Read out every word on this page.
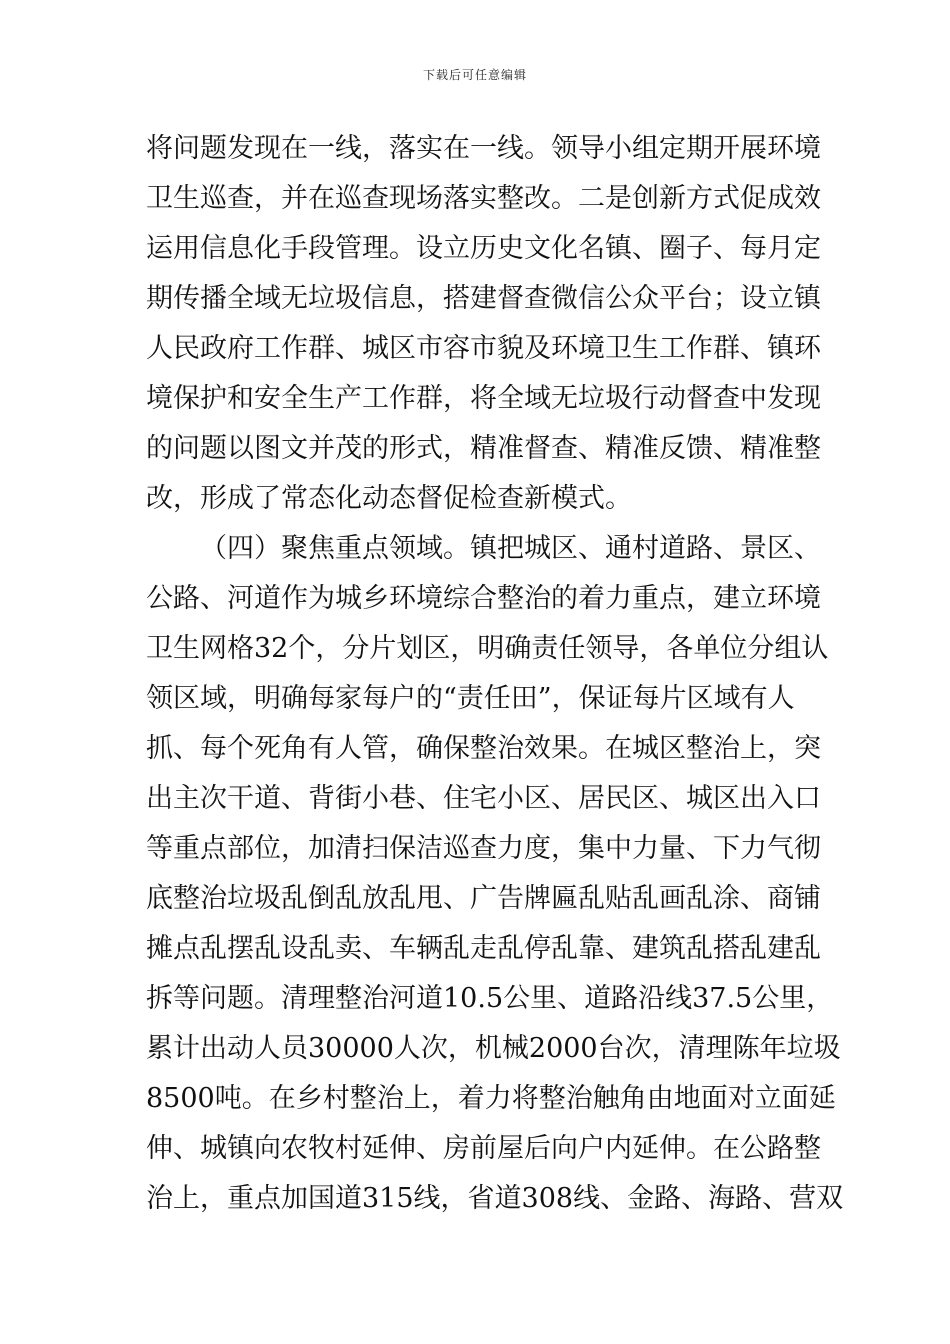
下载后可任意编辑
将问题发现在一线，落实在一线。领导小组定期开展环境
卫生巡查，并在巡查现场落实整改。二是创新方式促成效
运用信息化手段管理。设立历史文化名镇、圈子、每月定
期传播全域无垃圾信息，搭建督查微信公众平台；设立镇
人民政府工作群、城区市容市貌及环境卫生工作群、镇环
境保护和安全生产工作群，将全域无垃圾行动督查中发现
的问题以图文并茂的形式，精准督查、精准反馈、精准整
改，形成了常态化动态督促检查新模式。
（四）聚焦重点领域。镇把城区、通村道路、景区、
公路、河道作为城乡环境综合整治的着力重点，建立环境
卫生网格32个，分片划区，明确责任领导，各单位分组认
领区域，明确每家每户的“责任田”，保证每片区域有人
抓、每个死角有人管，确保整治效果。在城区整治上，突
出主次干道、背街小巷、住宅小区、居民区、城区出入口
等重点部位，加清扫保洁巡查力度，集中力量、下力气彻
底整治垃圾乱倒乱放乱甩、广告牌匾乱贴乱画乱涂、商铺
摊点乱摆乱设乱卖、车辆乱走乱停乱靠、建筑乱搭乱建乱
拆等问题。清理整治河道10.5公里、道路沿线37.5公里，
累计出动人员30000人次，机械2000台次，清理陈年垃圾
8500吨。在乡村整治上，着力将整治触角由地面对立面延
伸、城镇向农牧村延伸、房前屋后向户内延伸。在公路整
治上，重点加国道315线，省道308线、金路、海路、营双
